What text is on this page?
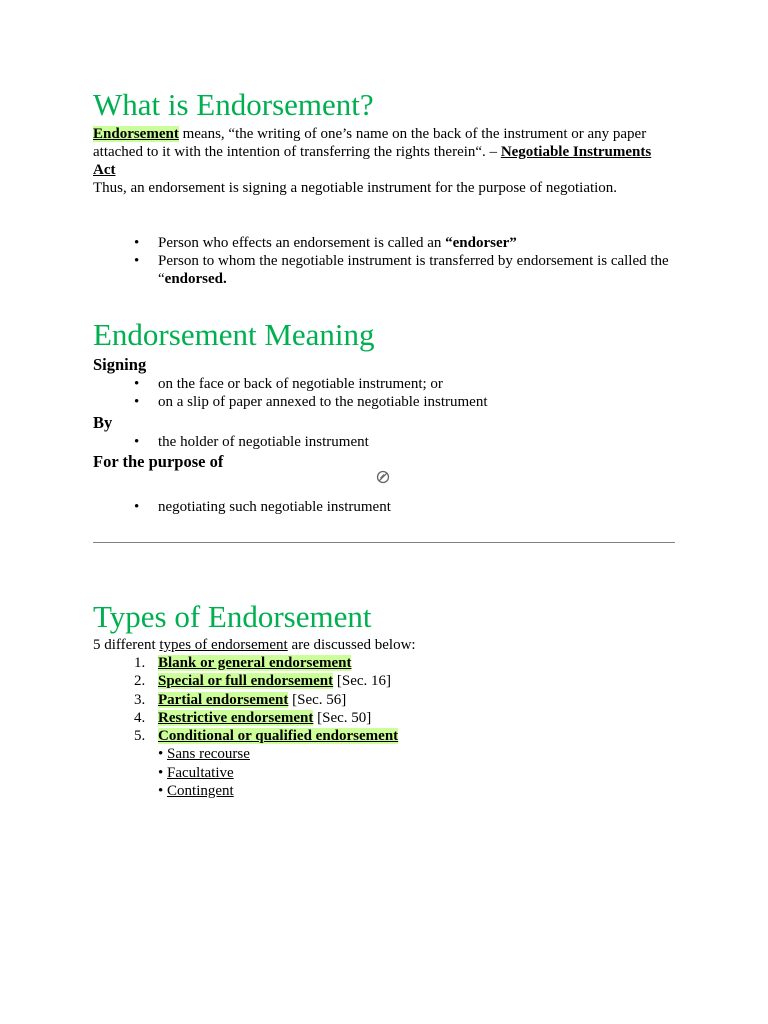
What is Endorsement?

Endorsement means, “the writing of one’s name on the back of the instrument or any paper attached to it with the intention of transferring the rights therein“. – Negotiable Instruments Act

Thus, an endorsement is signing a negotiable instrument for the purpose of negotiation.

• Person who effects an endorsement is called an “endorser”
• Person to whom the negotiable instrument is transferred by endorsement is called the “endorsed.
Endorsement Meaning

Signing

• on the face or back of negotiable instrument; or
• on a slip of paper annexed to the negotiable instrument

By

• the holder of negotiable instrument

For the purpose of

• negotiating such negotiable instrument
Types of Endorsement

5 different types of endorsement are discussed below:

1. Blank or general endorsement
2. Special or full endorsement [Sec. 16]
3. Partial endorsement [Sec. 56]
4. Restrictive endorsement [Sec. 50]
5. Conditional or qualified endorsement
• Sans recourse
• Facultative
• Contingent
